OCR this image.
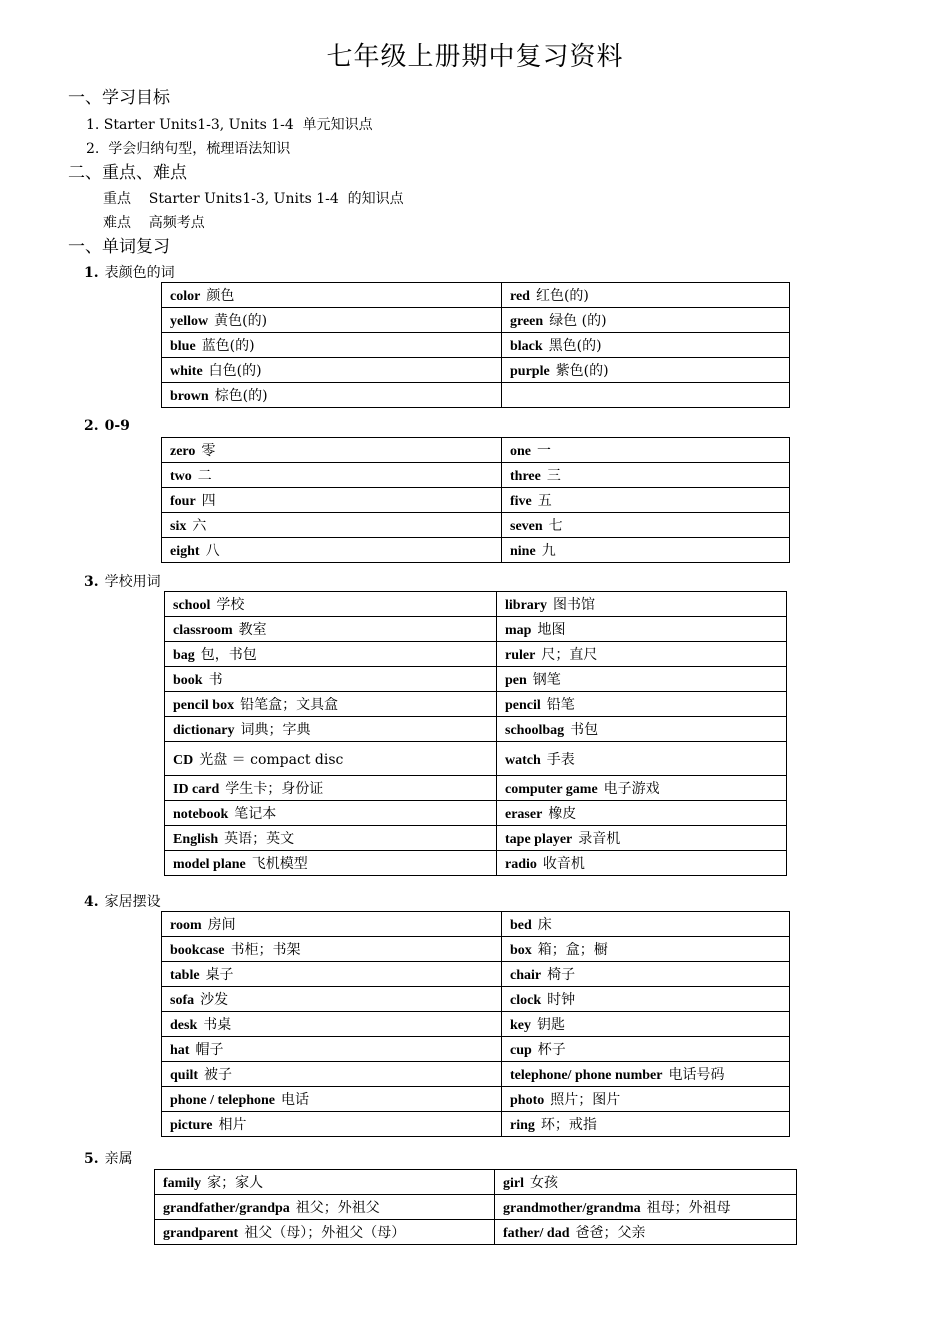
七年级上册期中复习资料
一、学习目标
1. Starter Units1-3, Units 1-4  单元知识点
2.  学会归纳句型，梳理语法知识
二、重点、难点
重点    Starter Units1-3, Units 1-4  的知识点
难点    高频考点
一、单词复习
1. 表颜色的词
color 颜色	red 红色(的)
yellow 黄色(的)	green 绿色 (的)
blue 蓝色(的)	black 黑色(的)
white 白色(的)	purple 紫色(的)
brown 棕色(的)	
2. 0-9
zero 零	one 一
two 二	three 三
four 四	five 五
six 六	seven 七
eight 八	nine 九
3. 学校用词
school 学校	library 图书馆
classroom 教室	map 地图
bag 包，书包	ruler 尺；直尺
book 书	pen 钢笔
pencil box 铅笔盒；文具盒	pencil 铅笔
dictionary 词典；字典	schoolbag 书包
CD 光盘 ＝ compact disc	watch 手表
ID card 学生卡；身份证	computer game 电子游戏
notebook 笔记本	eraser 橡皮
English 英语；英文	tape player 录音机
model plane 飞机模型	radio 收音机
4. 家居摆设
room 房间	bed 床
bookcase 书柜；书架	box 箱；盒；橱
table 桌子	chair 椅子
sofa 沙发	clock 时钟
desk 书桌	key 钥匙
hat 帽子	cup 杯子
quilt 被子	telephone/ phone number 电话号码
phone / telephone 电话	photo 照片；图片
picture 相片	ring 环；戒指
5. 亲属
family 家；家人	girl 女孩
grandfather/grandpa 祖父；外祖父	grandmother/grandma 祖母；外祖母
grandparent 祖父（母）；外祖父（母）	father/ dad 爸爸；父亲
